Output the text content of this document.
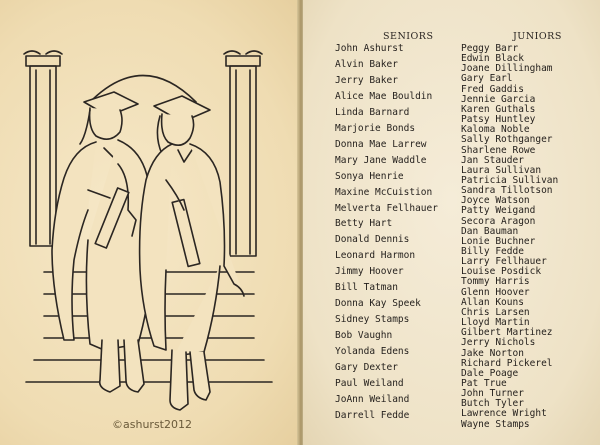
©ashurst2012
SENIORS	JUNIORS
John Ashurst
Alvin Baker
Jerry Baker
Alice Mae Bouldin
Linda Barnard
Marjorie Bonds
Donna Mae Larrew
Mary Jane Waddle
Sonya Henrie
Maxine McCuistion
Melverta Fellhauer
Betty Hart
Donald Dennis
Leonard Harmon
Jimmy Hoover
Bill Tatman
Donna Kay Speek
Sidney Stamps
Bob Vaughn
Yolanda Edens
Gary Dexter
Paul Weiland
JoAnn Weiland
Darrell Fedde
Peggy Barr
Edwin Black
Joane Dillingham
Gary Earl
Fred Gaddis
Jennie Garcia
Karen Guthals
Patsy Huntley
Kaloma Noble
Sally Rothganger
Sharlene Rowe
Jan Stauder
Laura Sullivan
Patricia Sullivan
Sandra Tillotson
Joyce Watson
Patty Weigand
Secora Aragon
Dan Bauman
Lonie Buchner
Billy Fedde
Larry Fellhauer
Louise Posdick
Tommy Harris
Glenn Hoover
Allan Kouns
Chris Larsen
Lloyd Martin
Gilbert Martinez
Jerry Nichols
Jake Norton
Richard Pickerel
Dale Poage
Pat True
John Turner
Butch Tyler
Lawrence Wright
Wayne Stamps
